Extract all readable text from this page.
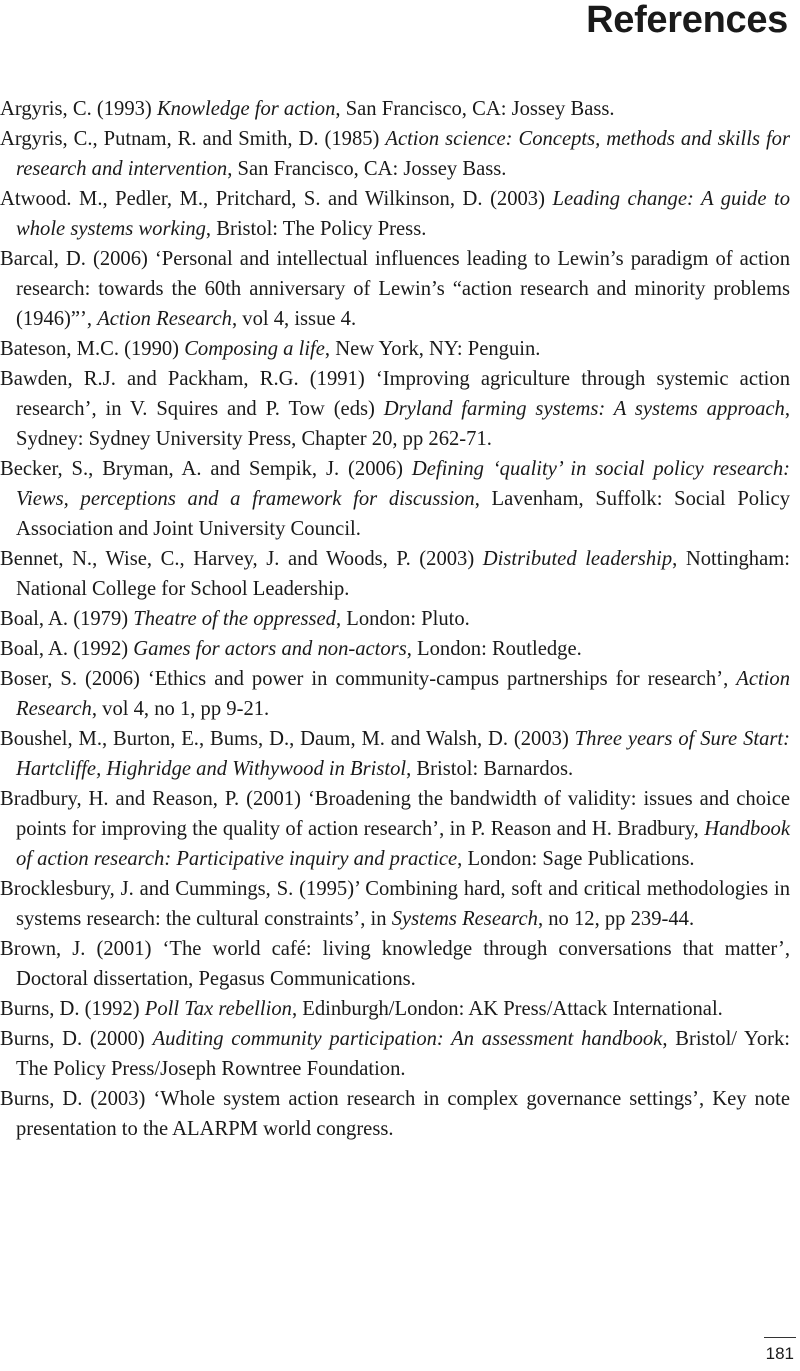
References
Argyris, C. (1993) Knowledge for action, San Francisco, CA: Jossey Bass.
Argyris, C., Putnam, R. and Smith, D. (1985) Action science: Concepts, methods and skills for research and intervention, San Francisco, CA: Jossey Bass.
Atwood. M., Pedler, M., Pritchard, S. and Wilkinson, D. (2003) Leading change: A guide to whole systems working, Bristol: The Policy Press.
Barcal, D. (2006) ‘Personal and intellectual influences leading to Lewin’s paradigm of action research: towards the 60th anniversary of Lewin’s “action research and minority problems (1946)”’, Action Research, vol 4, issue 4.
Bateson, M.C. (1990) Composing a life, New York, NY: Penguin.
Bawden, R.J. and Packham, R.G. (1991) ‘Improving agriculture through systemic action research’, in V. Squires and P. Tow (eds) Dryland farming systems: A systems approach, Sydney: Sydney University Press, Chapter 20, pp 262-71.
Becker, S., Bryman, A. and Sempik, J. (2006) Defining ‘quality’ in social policy research: Views, perceptions and a framework for discussion, Lavenham, Suffolk: Social Policy Association and Joint University Council.
Bennet, N., Wise, C., Harvey, J. and Woods, P. (2003) Distributed leadership, Nottingham: National College for School Leadership.
Boal, A. (1979) Theatre of the oppressed, London: Pluto.
Boal, A. (1992) Games for actors and non-actors, London: Routledge.
Boser, S. (2006) ‘Ethics and power in community-campus partnerships for research’, Action Research, vol 4, no 1, pp 9-21.
Boushel, M., Burton, E., Bums, D., Daum, M. and Walsh, D. (2003) Three years of Sure Start: Hartcliffe, Highridge and Withywood in Bristol, Bristol: Barnardos.
Bradbury, H. and Reason, P. (2001) ‘Broadening the bandwidth of validity: issues and choice points for improving the quality of action research’, in P. Reason and H. Bradbury, Handbook of action research: Participative inquiry and practice, London: Sage Publications.
Brocklesbury, J. and Cummings, S. (1995)’ Combining hard, soft and critical methodologies in systems research: the cultural constraints’, in Systems Research, no 12, pp 239-44.
Brown, J. (2001) ‘The world café: living knowledge through conversations that matter’, Doctoral dissertation, Pegasus Communications.
Burns, D. (1992) Poll Tax rebellion, Edinburgh/London: AK Press/Attack International.
Burns, D. (2000) Auditing community participation: An assessment handbook, Bristol/ York: The Policy Press/Joseph Rowntree Foundation.
Burns, D. (2003) ‘Whole system action research in complex governance settings’, Key note presentation to the ALARPM world congress.
181
